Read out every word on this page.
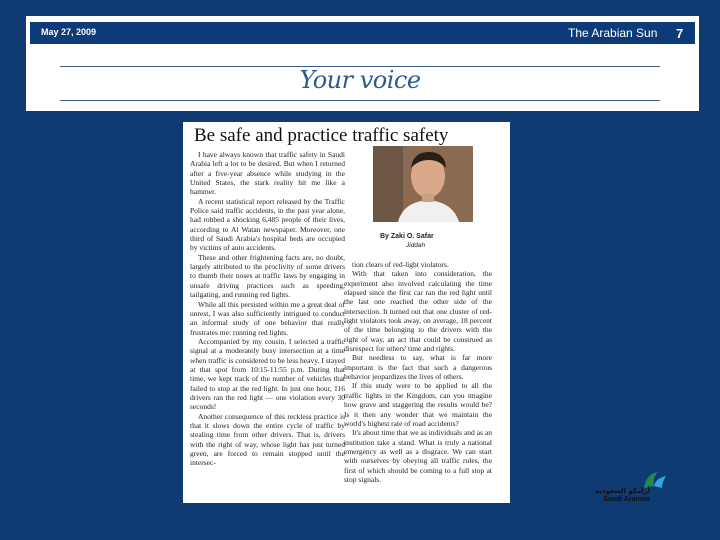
May 27, 2009	The Arabian Sun 7
Your voice
Be safe and practice traffic safety

I have always known that traffic safety in Saudi Arabia left a lot to be desired. But when I returned after a five-year absence while studying in the United States, the stark reality hit me like a hammer.

A recent statistical report released by the Traffic Police said traffic accidents, in the past year alone, had robbed a shocking 6,485 people of their lives, according to Al Watan newspaper. Moreover, one third of Saudi Arabia's hospital beds are occupied by victims of auto accidents.

These and other frightening facts are, no doubt, largely attributed to the proclivity of some drivers to thumb their noses at traffic laws by engaging in unsafe driving practices such as speeding, tailgating, and running red lights.

While all this persisted within me a great deal of unrest, I was also sufficiently intrigued to conduct an informal study of one behavior that really frustrates me: running red lights.

Accompanied by my cousin, I selected a traffic signal at a moderately busy intersection at a time when traffic is considered to be less heavy. I stayed at that spot from 10:15-11:55 p.m. During that time, we kept track of the number of vehicles that failed to stop at the red light. In just one hour, 116 drivers ran the red light — one violation every 30 seconds!

Another consequence of this reckless practice is that it slows down the entire cycle of traffic by stealing time from other drivers. That is, drivers with the right of way, whose light has just turned green, are forced to remain stopped until the intersec-

By Zaki O. Safar
Jiddah

tion clears of red-light violators.

With that taken into consideration, the experiment also involved calculating the time elapsed since the first car ran the red light until the last one reached the other side of the intersection. It turned out that one cluster of red-light violators took away, on average, 18 percent of the time belonging to the drivers with the right of way, an act that could be construed as disrespect for others' time and rights.

But needless to say, what is far more important is the fact that such a dangerous behavior jeopardizes the lives of others.

If this study were to be applied to all the traffic lights in the Kingdom, can you imagine how grave and staggering the results would be? Is it then any wonder that we maintain the world's highest rate of road accidents?

It's about time that we as individuals and as an institution take a stand. What is truly a national emergency as well as a disgrace. We can start with ourselves by obeying all traffic rules, the first of which should be coming to a full stop at stop signals.

أرامكو السعودية
Saudi Aramco
